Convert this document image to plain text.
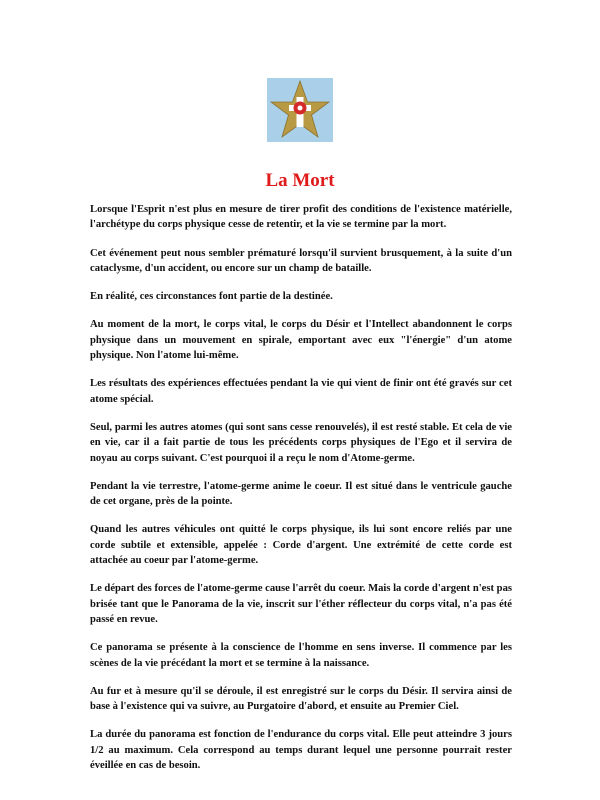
La Mort

Lorsque l'Esprit n'est plus en mesure de tirer profit des conditions de l'existence matérielle, l'archétype du corps physique cesse de retentir, et la vie se termine par la mort.

Cet événement peut nous sembler prématuré lorsqu'il survient brusquement, à la suite d'un cataclysme, d'un accident, ou encore sur un champ de bataille.

En réalité, ces circonstances font partie de la destinée.

Au moment de la mort, le corps vital, le corps du Désir et l'Intellect abandonnent le corps physique dans un mouvement en spirale, emportant avec eux "l'énergie" d'un atome physique. Non l'atome lui-même.

Les résultats des expériences effectuées pendant la vie qui vient de finir ont été gravés sur cet atome spécial.

Seul, parmi les autres atomes (qui sont sans cesse renouvelés), il est resté stable. Et cela de vie en vie, car il a fait partie de tous les précédents corps physiques de l'Ego et il servira de noyau au corps suivant. C'est pourquoi il a reçu le nom d'Atome-germe.

Pendant la vie terrestre, l'atome-germe anime le coeur. Il est situé dans le ventricule gauche de cet organe, près de la pointe.

Quand les autres véhicules ont quitté le corps physique, ils lui sont encore reliés par une corde subtile et extensible, appelée : Corde d'argent. Une extrémité de cette corde est attachée au coeur par l'atome-germe.

Le départ des forces de l'atome-germe cause l'arrêt du coeur. Mais la corde d'argent n'est pas brisée tant que le Panorama de la vie, inscrit sur l'éther réflecteur du corps vital, n'a pas été passé en revue.

Ce panorama se présente à la conscience de l'homme en sens inverse. Il commence par les scènes de la vie précédant la mort et se termine à la naissance.

Au fur et à mesure qu'il se déroule, il est enregistré sur le corps du Désir. Il servira ainsi de base à l'existence qui va suivre, au Purgatoire d'abord, et ensuite au Premier Ciel.

La durée du panorama est fonction de l'endurance du corps vital. Elle peut atteindre 3 jours 1/2 au maximum. Cela correspond au temps durant lequel une personne pourrait rester éveillée en cas de besoin.
